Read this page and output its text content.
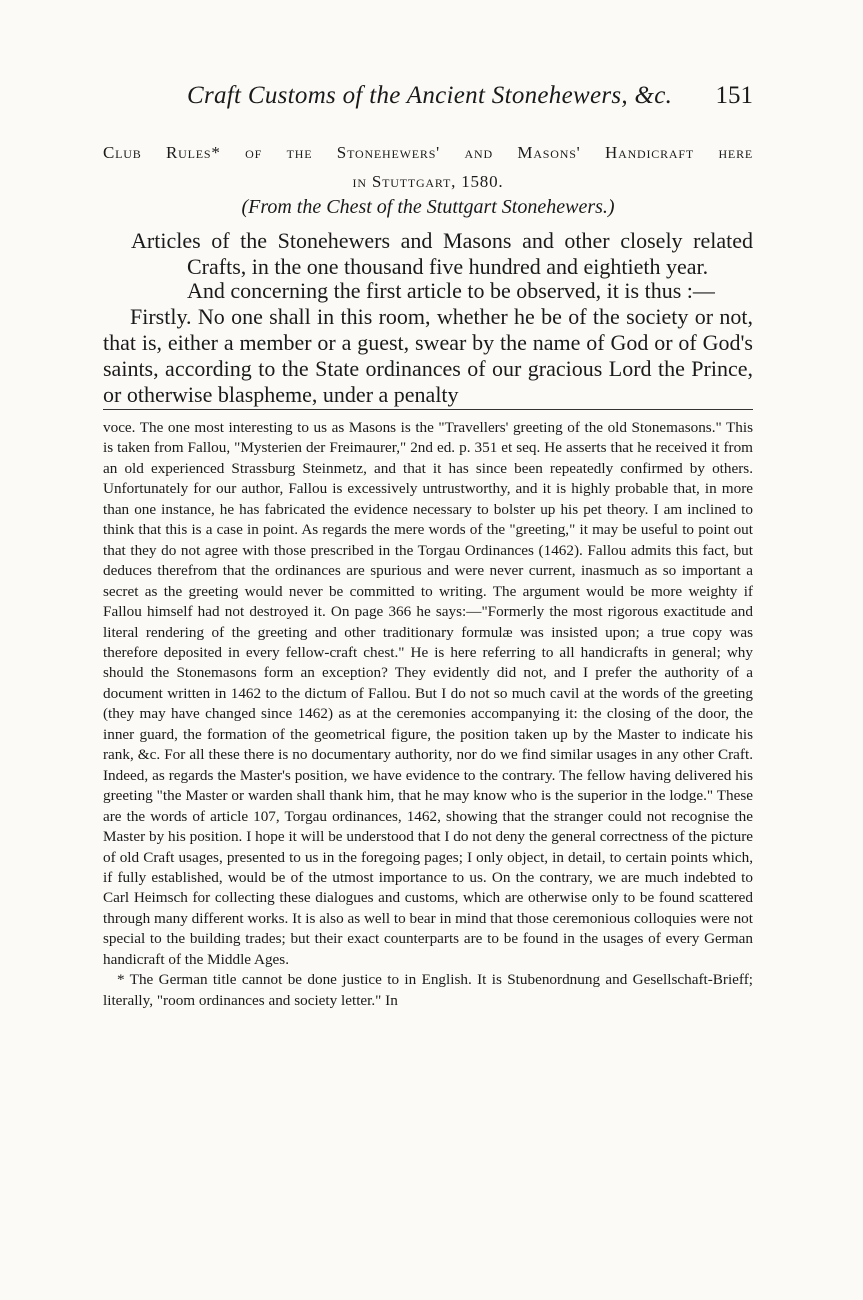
Craft Customs of the Ancient Stonehewers, &c. 151
Club Rules* of the Stonehewers' and Masons' Handicraft here
in Stuttgart, 1580.
(From the Chest of the Stuttgart Stonehewers.)
Articles of the Stonehewers and Masons and other closely related Crafts, in the one thousand five hundred and eightieth year.
And concerning the first article to be observed, it is thus :—
Firstly. No one shall in this room, whether he be of the society or not, that is, either a member or a guest, swear by the name of God or of God's saints, according to the State ordinances of our gracious Lord the Prince, or otherwise blaspheme, under a penalty
voce. The one most interesting to us as Masons is the "Travellers' greeting of the old Stonemasons." This is taken from Fallou, "Mysterien der Freimaurer," 2nd ed. p. 351 et seq. He asserts that he received it from an old experienced Strassburg Steinmetz, and that it has since been repeatedly confirmed by others. Unfortunately for our author, Fallou is excessively untrustworthy, and it is highly probable that, in more than one instance, he has fabricated the evidence necessary to bolster up his pet theory. I am inclined to think that this is a case in point. As regards the mere words of the "greeting," it may be useful to point out that they do not agree with those prescribed in the Torgau Ordinances (1462). Fallou admits this fact, but deduces therefrom that the ordinances are spurious and were never current, inasmuch as so important a secret as the greeting would never be committed to writing. The argument would be more weighty if Fallou himself had not destroyed it. On page 366 he says:—"Formerly the most rigorous exactitude and literal rendering of the greeting and other traditionary formulæ was insisted upon; a true copy was therefore deposited in every fellow-craft chest." He is here referring to all handicrafts in general; why should the Stonemasons form an exception? They evidently did not, and I prefer the authority of a document written in 1462 to the dictum of Fallou. But I do not so much cavil at the words of the greeting (they may have changed since 1462) as at the ceremonies accompanying it: the closing of the door, the inner guard, the formation of the geometrical figure, the position taken up by the Master to indicate his rank, &c. For all these there is no documentary authority, nor do we find similar usages in any other Craft. Indeed, as regards the Master's position, we have evidence to the contrary. The fellow having delivered his greeting "the Master or warden shall thank him, that he may know who is the superior in the lodge." These are the words of article 107, Torgau ordinances, 1462, showing that the stranger could not recognise the Master by his position. I hope it will be understood that I do not deny the general correctness of the picture of old Craft usages, presented to us in the foregoing pages; I only object, in detail, to certain points which, if fully established, would be of the utmost importance to us. On the contrary, we are much indebted to Carl Heimsch for collecting these dialogues and customs, which are otherwise only to be found scattered through many different works. It is also as well to bear in mind that those ceremonious colloquies were not special to the building trades; but their exact counterparts are to be found in the usages of every German handicraft of the Middle Ages.
* The German title cannot be done justice to in English. It is Stubenordnung and Gesellschaft-Brieff; literally, "room ordinances and society letter." In
